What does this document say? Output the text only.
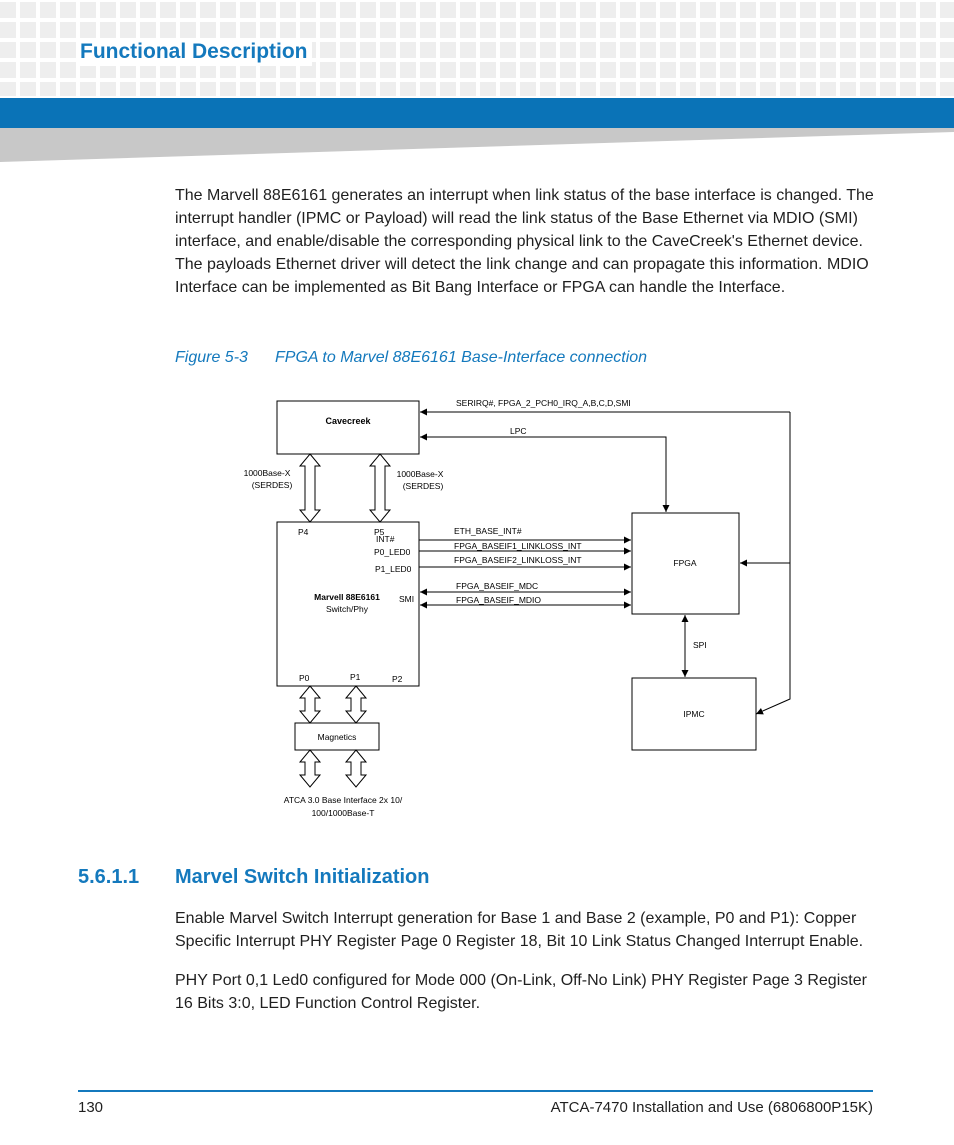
Functional Description

The Marvell 88E6161 generates an interrupt when link status of the base interface is changed. The interrupt handler (IPMC or Payload) will read the link status of the Base Ethernet via MDIO (SMI) interface, and enable/disable the corresponding physical link to the CaveCreek's Ethernet device. The payloads Ethernet driver will detect the link change and can propagate this information. MDIO Interface can be implemented as Bit Bang Interface or FPGA can handle the Interface.

Figure 5-3 FPGA to Marvel 88E6161 Base-Interface connection

Cavecreek
1000Base-X
(SERDES)
1000Base-X
(SERDES)
SERIRQ#, FPGA_2_PCH0_IRQ_A,B,C,D,SMI
LPC
P4	P5
INT#
P0_LED0
P1_LED0
SMI
Marvell 88E6161
Switch/Phy
P0	P1	P2
ETH_BASE_INT#
FPGA_BASEIF1_LINKLOSS_INT
FPGA_BASEIF2_LINKLOSS_INT
FPGA_BASEIF_MDC
FPGA_BASEIF_MDIO
FPGA
SPI
IPMC
Magnetics
ATCA 3.0 Base Interface 2x 10/
100/1000Base-T
5.6.1.1 Marvel Switch Initialization

Enable Marvel Switch Interrupt generation for Base 1 and Base 2 (example, P0 and P1): Copper Specific Interrupt PHY Register Page 0 Register 18, Bit 10 Link Status Changed Interrupt Enable.

PHY Port 0,1 Led0 configured for Mode 000 (On-Link, Off-No Link) PHY Register Page 3 Register 16 Bits 3:0, LED Function Control Register.

130	ATCA-7470 Installation and Use (6806800P15K)
